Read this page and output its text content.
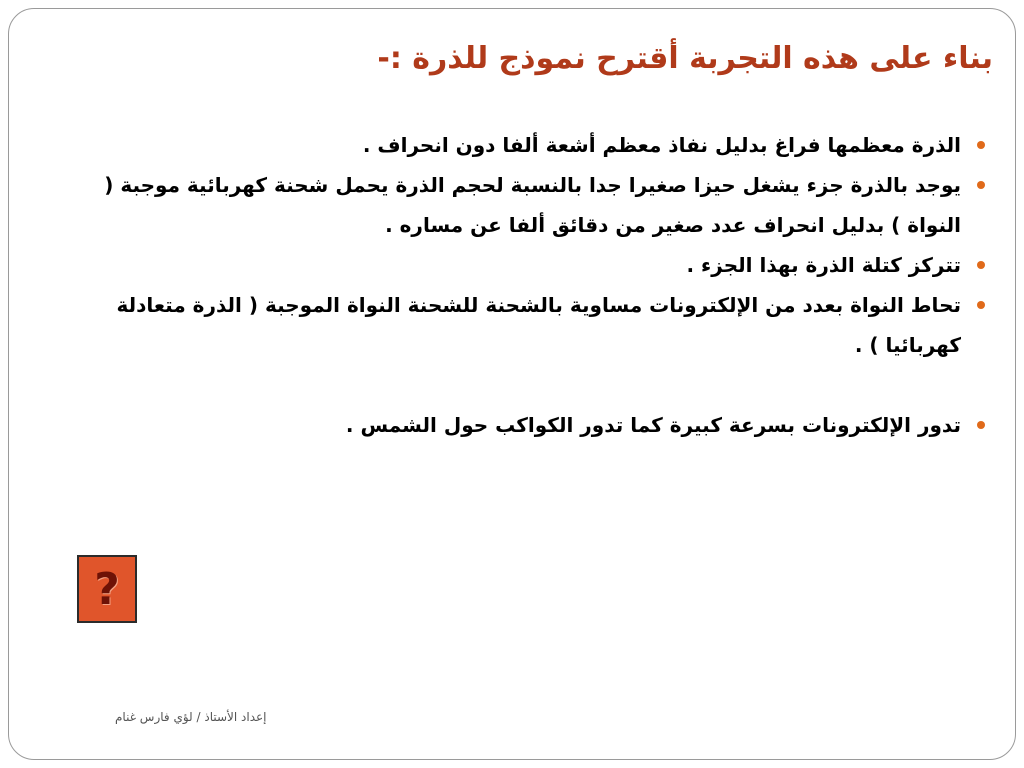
بناء على هذه التجربة أقترح نموذج للذرة :-
الذرة معظمها فراغ بدليل نفاذ معظم أشعة ألفا دون انحراف .
يوجد بالذرة جزء يشغل حيزا صغيرا جدا بالنسبة لحجم الذرة يحمل شحنة كهربائية موجبة ( النواة ) بدليل انحراف عدد صغير من دقائق ألفا عن مساره .
تتركز كتلة الذرة بهذا الجزء .
تحاط النواة بعدد من الإلكترونات مساوية بالشحنة للشحنة النواة الموجبة ( الذرة متعادلة كهربائيا ) .
تدور الإلكترونات بسرعة كبيرة كما تدور الكواكب حول الشمس .
?
إعداد الأستاذ / لؤي فارس غنام
